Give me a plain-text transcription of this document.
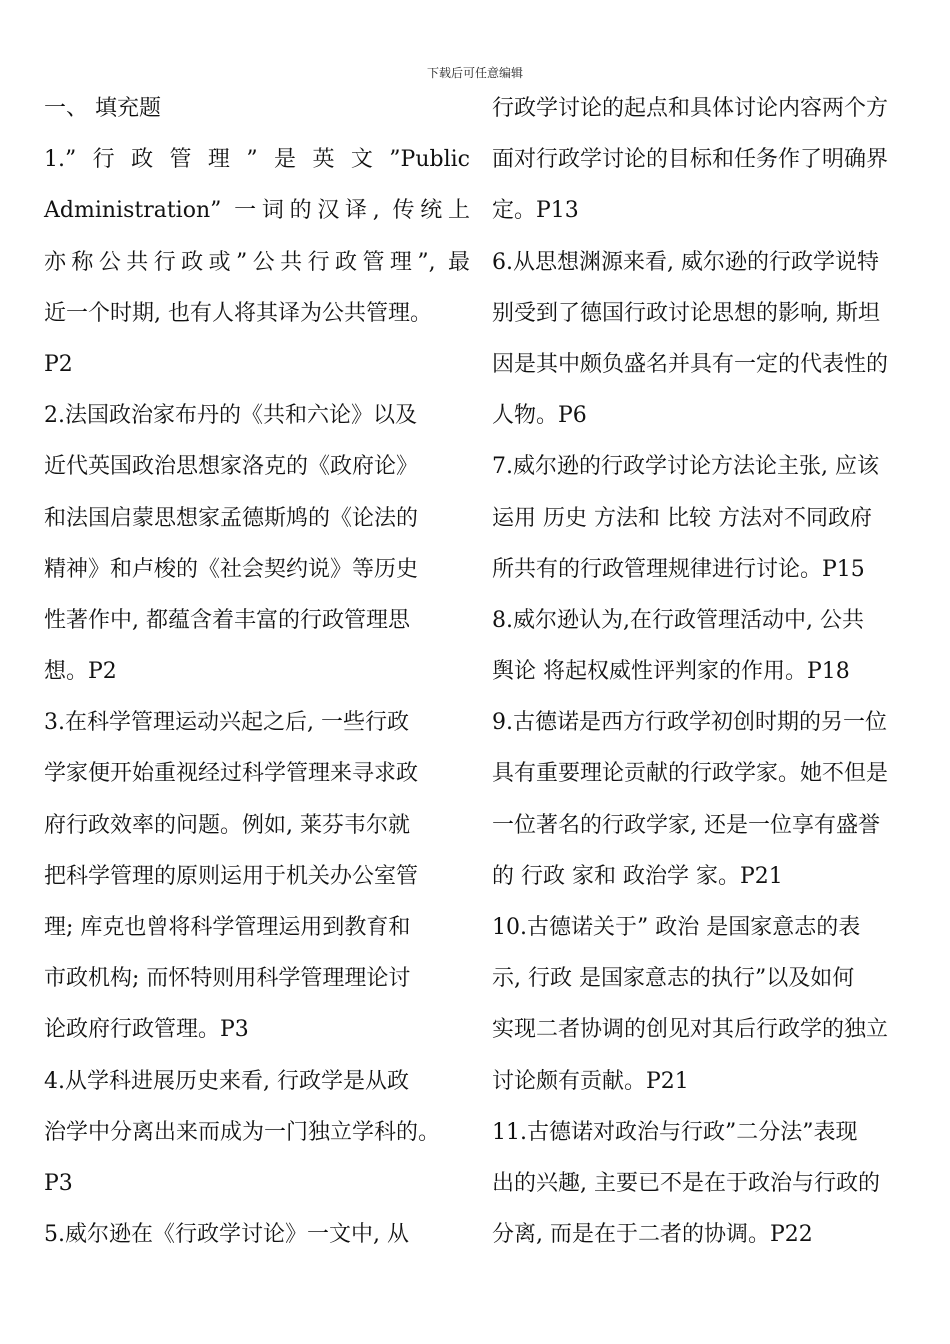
下载后可任意编辑
一、 填充题
1.”行政管理”是英文”Public
Administration” 一词的汉译, 传统上
亦称公共行政或”公共行政管理”, 最
近一个时期, 也有人将其译为公共管理。
P2
2.法国政治家布丹的《共和六论》以及
近代英国政治思想家洛克的《政府论》
和法国启蒙思想家孟德斯鸠的《论法的
精神》和卢梭的《社会契约说》等历史
性著作中, 都蕴含着丰富的行政管理思
想。P2
3.在科学管理运动兴起之后, 一些行政
学家便开始重视经过科学管理来寻求政
府行政效率的问题。例如, 莱芬韦尔就
把科学管理的原则运用于机关办公室管
理; 库克也曾将科学管理运用到教育和
市政机构; 而怀特则用科学管理理论讨
论政府行政管理。P3
4.从学科进展历史来看, 行政学是从政
治学中分离出来而成为一门独立学科的。
P3
5.威尔逊在《行政学讨论》一文中, 从
行政学讨论的起点和具体讨论内容两个方
面对行政学讨论的目标和任务作了明确界
定。P13
6.从思想渊源来看, 威尔逊的行政学说特
别受到了德国行政讨论思想的影响, 斯坦
因是其中颇负盛名并具有一定的代表性的
人物。P6
7.威尔逊的行政学讨论方法论主张, 应该
运用 历史 方法和 比较 方法对不同政府
所共有的行政管理规律进行讨论。P15
8.威尔逊认为,在行政管理活动中, 公共
舆论 将起权威性评判家的作用。P18
9.古德诺是西方行政学初创时期的另一位
具有重要理论贡献的行政学家。她不但是
一位著名的行政学家, 还是一位享有盛誉
的 行政 家和 政治学 家。P21
10.古德诺关于” 政治 是国家意志的表
示, 行政 是国家意志的执行”以及如何
实现二者协调的创见对其后行政学的独立
讨论颇有贡献。P21
11.古德诺对政治与行政”二分法”表现
出的兴趣, 主要已不是在于政治与行政的
分离, 而是在于二者的协调。P22
